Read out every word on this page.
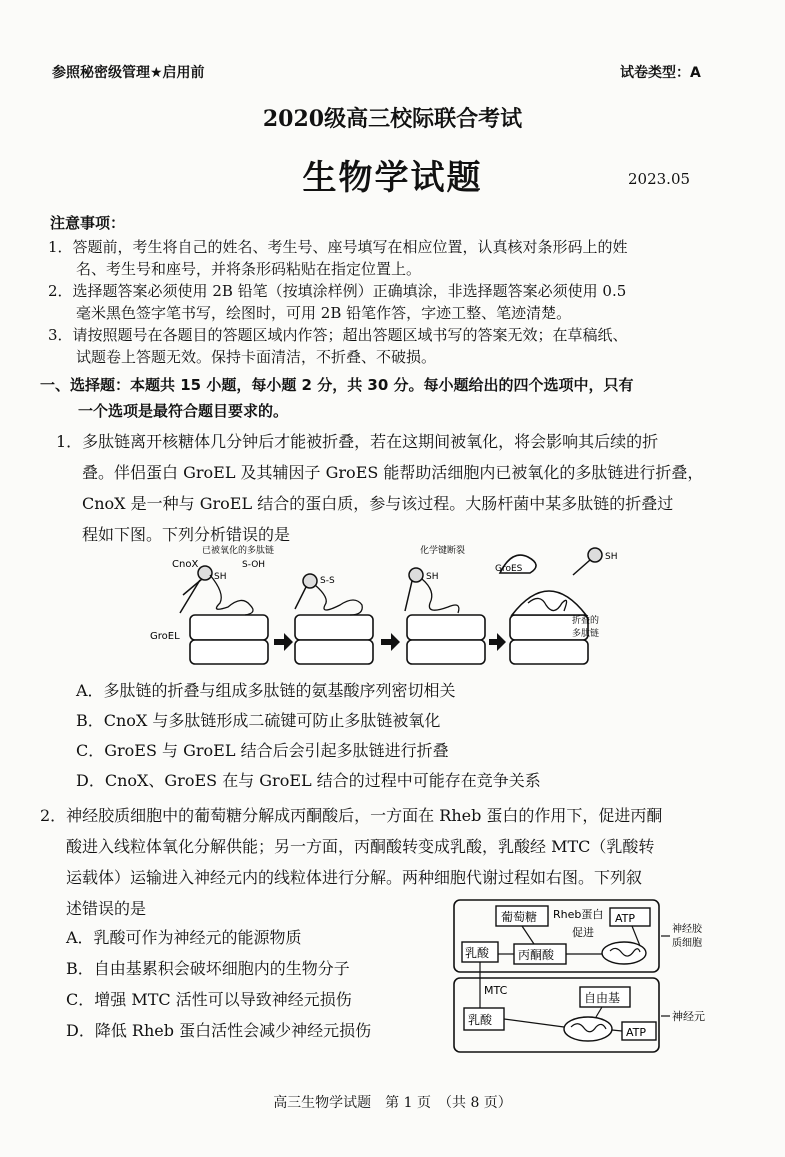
参照秘密级管理★启用前	试卷类型：A
2020级高三校际联合考试
生物学试题	2023.05
注意事项：
1．答题前，考生将自己的姓名、考生号、座号填写在相应位置，认真核对条形码上的姓
名、考生号和座号，并将条形码粘贴在指定位置上。
2．选择题答案必须使用 2B 铅笔（按填涂样例）正确填涂，非选择题答案必须使用 0.5
毫米黑色签字笔书写，绘图时，可用 2B 铅笔作答，字迹工整、笔迹清楚。
3．请按照题号在各题目的答题区域内作答；超出答题区域书写的答案无效；在草稿纸、
试题卷上答题无效。保持卡面清洁，不折叠、不破损。
一、选择题：本题共 15 小题，每小题 2 分，共 30 分。每小题给出的四个选项中，只有
一个选项是最符合题目要求的。
1．多肽链离开核糖体几分钟后才能被折叠，若在这期间被氧化，将会影响其后续的折
叠。伴侣蛋白 GroEL 及其辅因子 GroES 能帮助活细胞内已被氧化的多肽链进行折叠，
CnoX 是一种与 GroEL 结合的蛋白质，参与该过程。大肠杆菌中某多肽链的折叠过
程如下图。下列分析错误的是
CnoX
GroEL
GroES
已被氧化的多肽链
S-OH
SH	S-S
化学键断裂
SH
SH
折叠的
多肽链
A．多肽链的折叠与组成多肽链的氨基酸序列密切相关
B．CnoX 与多肽链形成二硫键可防止多肽链被氧化
C．GroES 与 GroEL 结合后会引起多肽链进行折叠
D．CnoX、GroES 在与 GroEL 结合的过程中可能存在竞争关系
2．神经胶质细胞中的葡萄糖分解成丙酮酸后，一方面在 Rheb 蛋白的作用下，促进丙酮
酸进入线粒体氧化分解供能；另一方面，丙酮酸转变成乳酸，乳酸经 MTC（乳酸转
运载体）运输进入神经元内的线粒体进行分解。两种细胞代谢过程如右图。下列叙
述错误的是
A．乳酸可作为神经元的能源物质
B．自由基累积会破坏细胞内的生物分子
C．增强 MTC 活性可以导致神经元损伤
D．降低 Rheb 蛋白活性会减少神经元损伤
葡萄糖 Rheb蛋白
促进
ATP
乳酸 丙酮酸
神经胶
质细胞
MTC
自由基
乳酸
ATP
神经元
高三生物学试题　第 1 页　（共 8 页）
